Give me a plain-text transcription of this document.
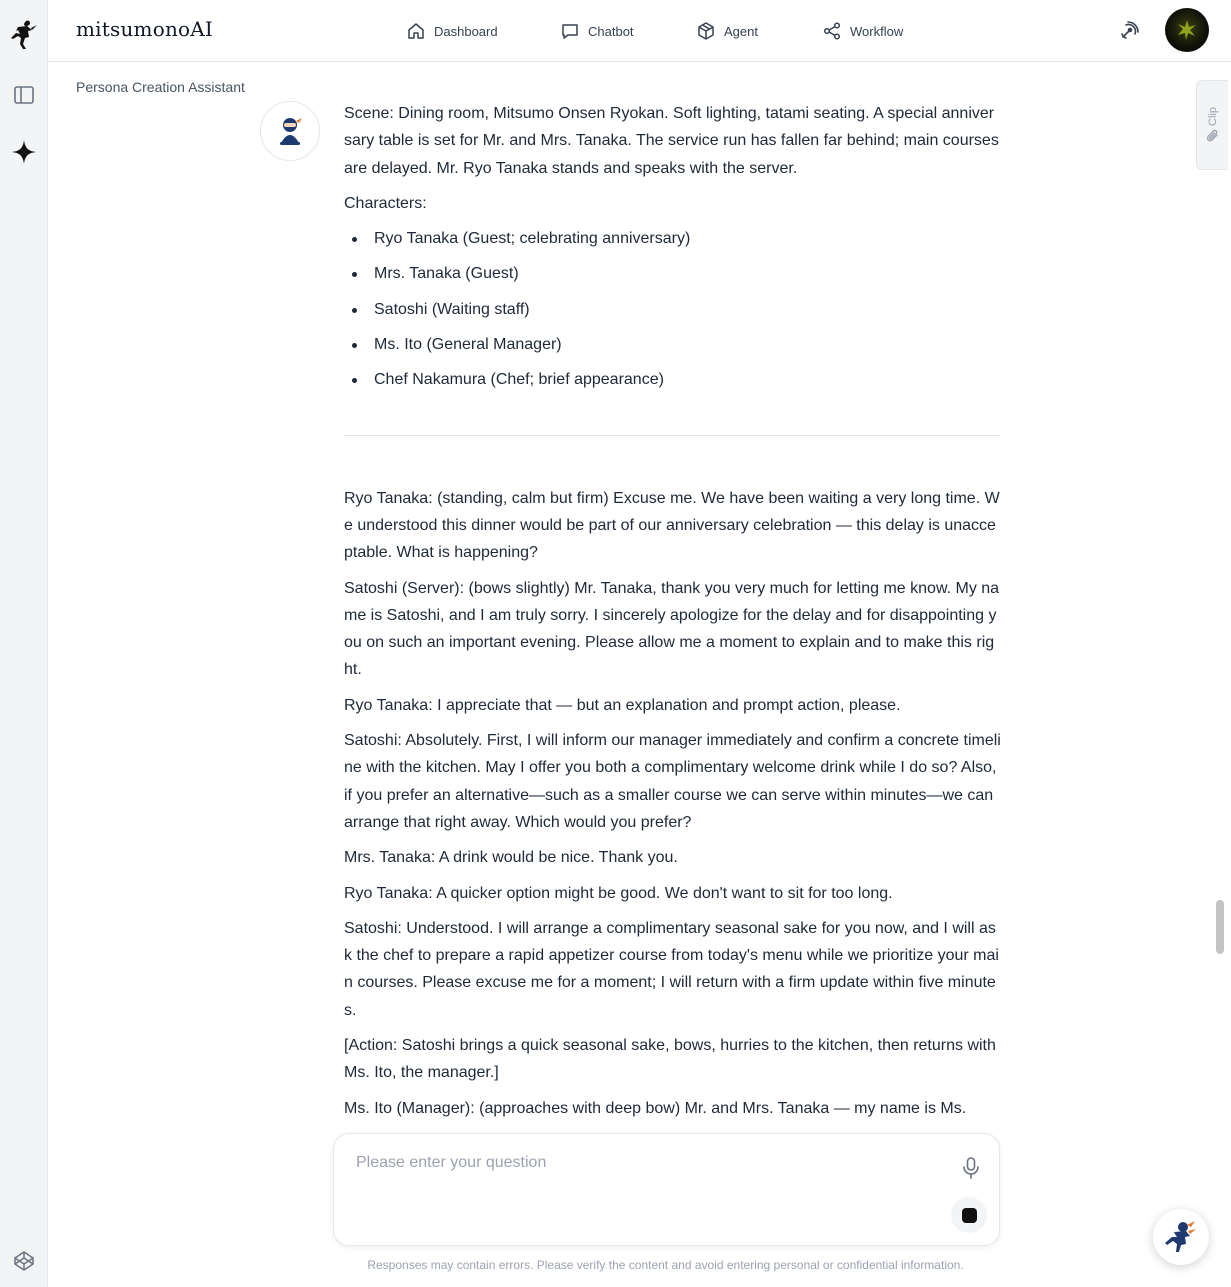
mitsumonoAI	Dashboard	Chatbot	Agent	Workflow
Persona Creation Assistant

Scene: Dining room, Mitsumo Onsen Ryokan. Soft lighting, tatami seating. A special anniversary table is set for Mr. and Mrs. Tanaka. The service run has fallen far behind; main courses are delayed. Mr. Ryo Tanaka stands and speaks with the server.

Characters:

Ryo Tanaka (Guest; celebrating anniversary)
Mrs. Tanaka (Guest)
Satoshi (Waiting staff)
Ms. Ito (General Manager)
Chef Nakamura (Chef; brief appearance)

Ryo Tanaka: (standing, calm but firm) Excuse me. We have been waiting a very long time. We understood this dinner would be part of our anniversary celebration — this delay is unacceptable. What is happening?

Satoshi (Server): (bows slightly) Mr. Tanaka, thank you very much for letting me know. My name is Satoshi, and I am truly sorry. I sincerely apologize for the delay and for disappointing you on such an important evening. Please allow me a moment to explain and to make this right.

Ryo Tanaka: I appreciate that — but an explanation and prompt action, please.

Satoshi: Absolutely. First, I will inform our manager immediately and confirm a concrete timeline with the kitchen. May I offer you both a complimentary welcome drink while I do so? Also, if you prefer an alternative—such as a smaller course we can serve within minutes—we can arrange that right away. Which would you prefer?

Mrs. Tanaka: A drink would be nice. Thank you.

Ryo Tanaka: A quicker option might be good. We don't want to sit for too long.

Satoshi: Understood. I will arrange a complimentary seasonal sake for you now, and I will ask the chef to prepare a rapid appetizer course from today's menu while we prioritize your main courses. Please excuse me for a moment; I will return with a firm update within five minutes.

[Action: Satoshi brings a quick seasonal sake, bows, hurries to the kitchen, then returns with Ms. Ito, the manager.]

Ms. Ito (Manager): (approaches with deep bow) Mr. and Mrs. Tanaka — my name is Ms.

Clip
Please enter your question
Responses may contain errors. Please verify the content and avoid entering personal or confidential information.
